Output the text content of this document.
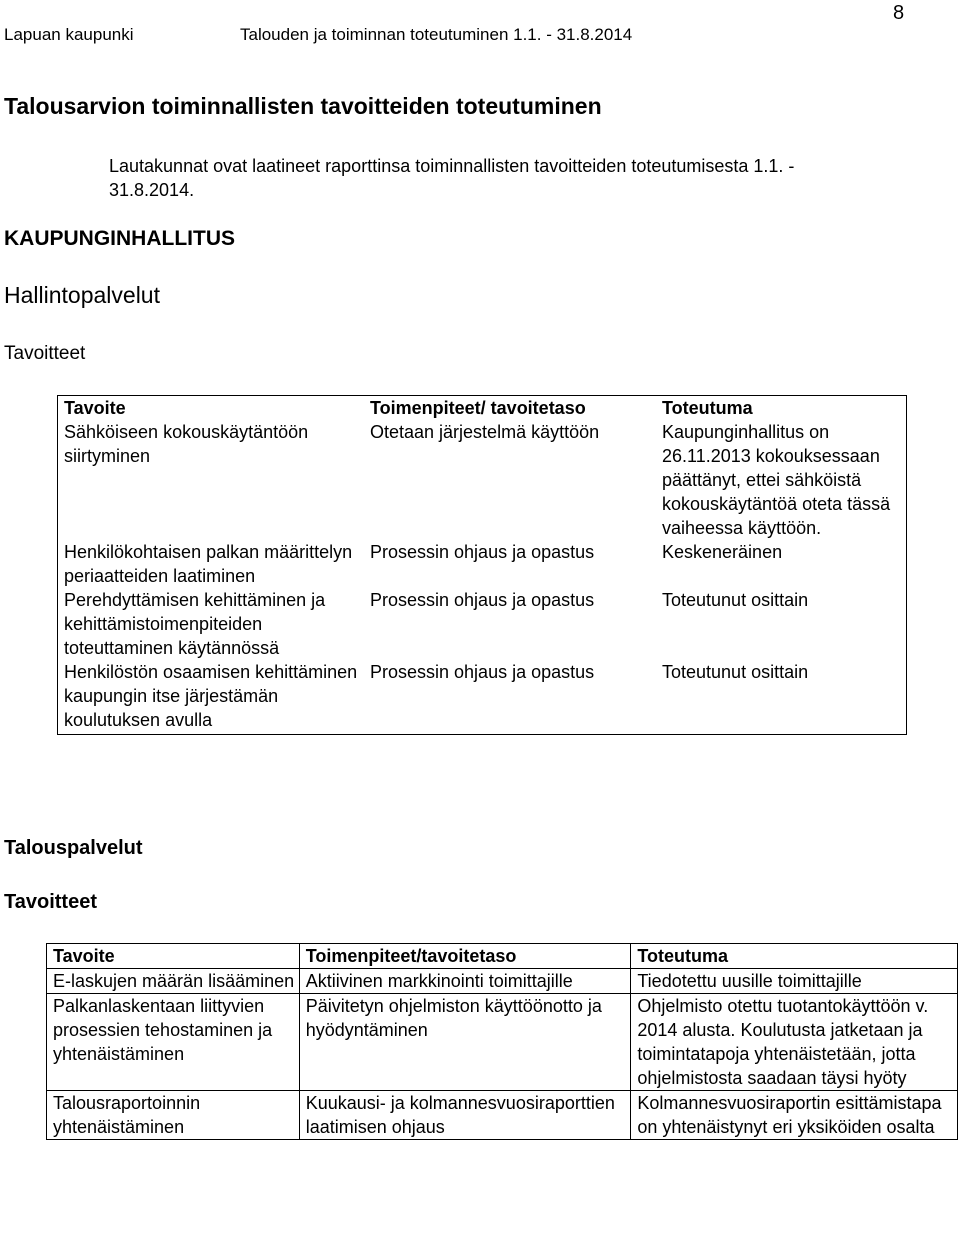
Lapuan kaupunki	Talouden ja toiminnan toteutuminen 1.1. - 31.8.2014
8
Talousarvion toiminnallisten tavoitteiden toteutuminen
Lautakunnat ovat laatineet raporttinsa toiminnallisten tavoitteiden toteutumisesta 1.1. - 31.8.2014.
KAUPUNGINHALLITUS
Hallintopalvelut
Tavoitteet
Tavoite	Toimenpiteet/ tavoitetaso	Toteutuma
Sähköiseen kokouskäytäntöön siirtyminen	Otetaan järjestelmä käyttöön	Kaupunginhallitus on 26.11.2013 kokouksessaan päättänyt, ettei sähköistä kokouskäytäntöä oteta tässä vaiheessa käyttöön.
Henkilökohtaisen palkan määrittelyn periaatteiden laatiminen	Prosessin ohjaus ja opastus	Keskeneräinen
Perehdyttämisen kehittäminen ja kehittämistoimenpiteiden toteuttaminen käytännössä	Prosessin ohjaus ja opastus	Toteutunut osittain
Henkilöstön osaamisen kehittäminen kaupungin itse järjestämän koulutuksen avulla	Prosessin ohjaus ja opastus	Toteutunut osittain
Talouspalvelut
Tavoitteet
Tavoite	Toimenpiteet/tavoitetaso	Toteutuma
E-laskujen määrän lisääminen	Aktiivinen markkinointi toimittajille	Tiedotettu uusille toimittajille
Palkanlaskentaan liittyvien prosessien tehostaminen ja yhtenäistäminen	Päivitetyn ohjelmiston käyttöönotto ja hyödyntäminen	Ohjelmisto otettu tuotantokäyttöön v. 2014 alusta. Koulutusta jatketaan ja toimintatapoja yhtenäistetään, jotta ohjelmistosta saadaan täysi hyöty
Talousraportoinnin yhtenäistäminen	Kuukausi- ja kolmannesvuosiraporttien laatimisen ohjaus	Kolmannesvuosiraportin esittämistapa on yhtenäistynyt eri yksiköiden osalta
